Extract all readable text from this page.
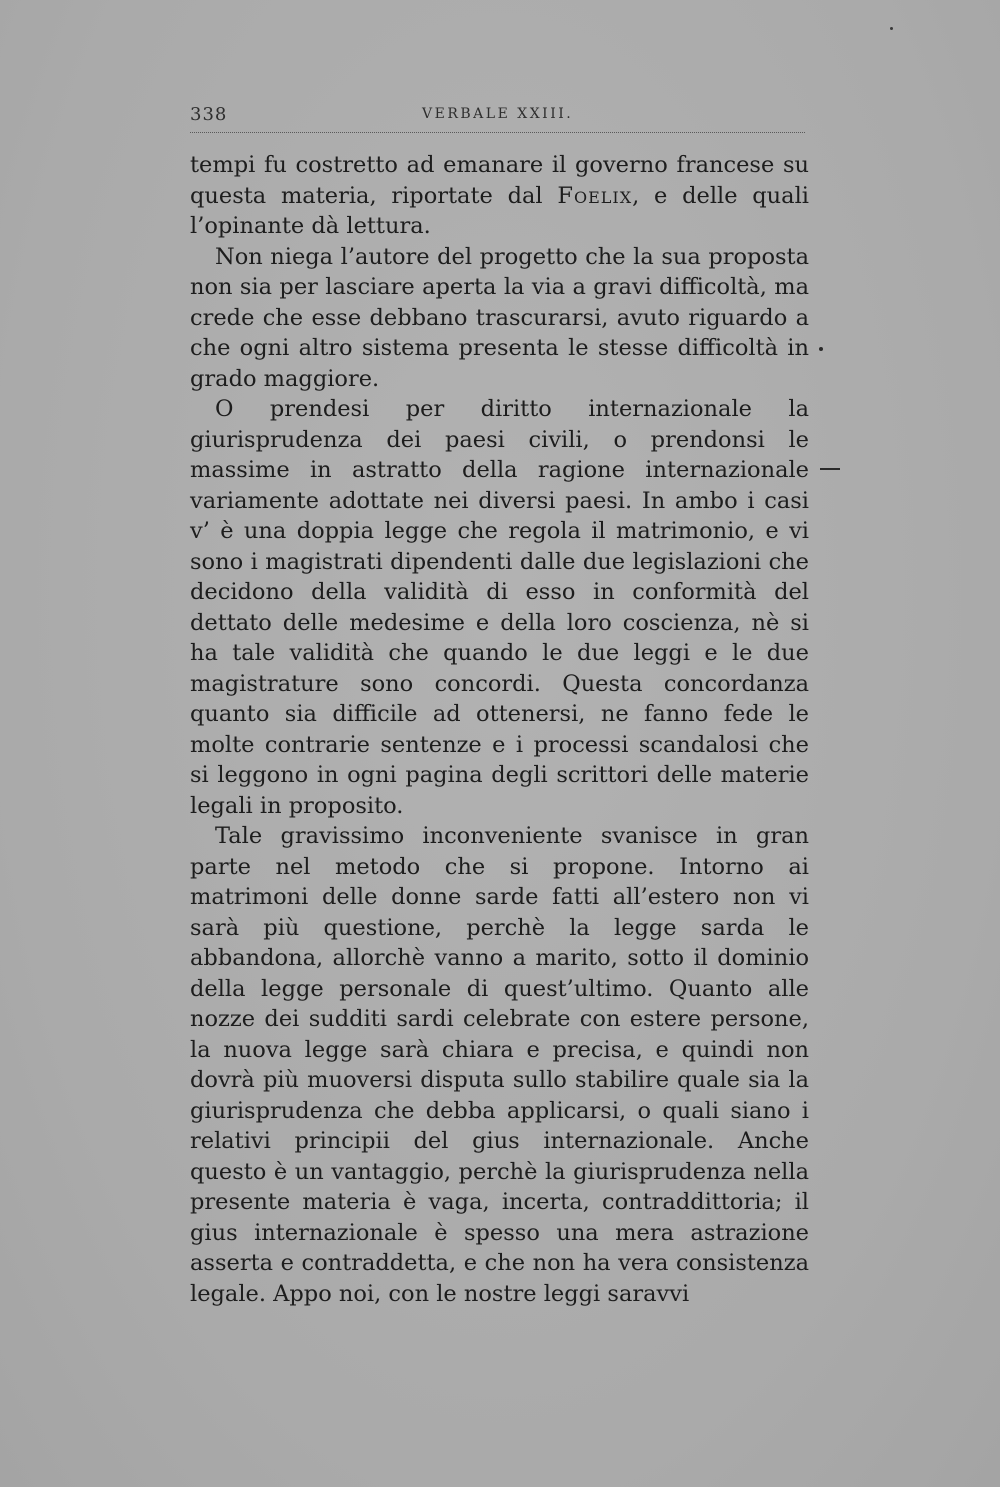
338	VERBALE XXIII.

tempi fu costretto ad emanare il governo francese su questa materia, riportate dal Foelix, e delle quali l’opinante dà lettura.

Non niega l’autore del progetto che la sua proposta non sia per lasciare aperta la via a gravi difficoltà, ma crede che esse debbano trascurarsi, avuto riguardo a che ogni altro sistema presenta le stesse difficoltà in grado maggiore.

O prendesi per diritto internazionale la giurisprudenza dei paesi civili, o prendonsi le massime in astratto della ragione internazionale variamente adottate nei diversi paesi. In ambo i casi v’ è una doppia legge che regola il matrimonio, e vi sono i magistrati dipendenti dalle due legislazioni che decidono della validità di esso in conformità del dettato delle medesime e della loro coscienza, nè si ha tale validità che quando le due leggi e le due magistrature sono concordi. Questa concordanza quanto sia difficile ad ottenersi, ne fanno fede le molte contrarie sentenze e i processi scandalosi che si leggono in ogni pagina degli scrittori delle materie legali in proposito.

Tale gravissimo inconveniente svanisce in gran parte nel metodo che si propone. Intorno ai matrimoni delle donne sarde fatti all’estero non vi sarà più questione, perchè la legge sarda le abbandona, allorchè vanno a marito, sotto il dominio della legge personale di quest’ultimo. Quanto alle nozze dei sudditi sardi celebrate con estere persone, la nuova legge sarà chiara e precisa, e quindi non dovrà più muoversi disputa sullo stabilire quale sia la giurisprudenza che debba applicarsi, o quali siano i relativi principii del gius internazionale. Anche questo è un vantaggio, perchè la giurisprudenza nella presente materia è vaga, incerta, contraddittoria; il gius internazionale è spesso una mera astrazione asserta e contraddetta, e che non ha vera consistenza legale. Appo noi, con le nostre leggi saravvi
